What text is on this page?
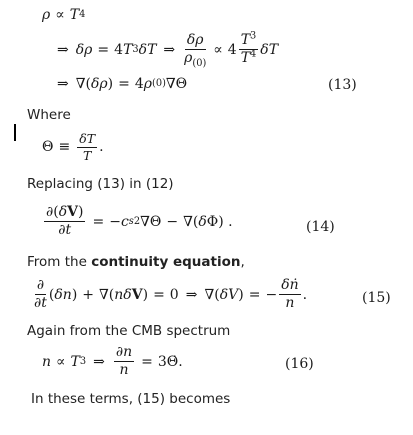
ρ ∝ T 4
⇒ δρ = 4 T 3 δT ⇒ $\frac{\delta\rho}{\rho_{(0)}} \propto 4 \frac{T^3}{T^4}$ δT
⇒ ∇( δρ ) = 4 ρ (0) ∇Θ	(13)
Where
$\Theta \equiv \frac{\delta T}{T}$ .
Replacing (13) in (12)
$\frac{\partial(\delta V)}{\partial t}$ = − c s 2 ∇Θ − ∇( δ Φ) .	(14)
From the continuity equation,
$\frac{\partial}{\partial t}$ ( δn ) + ∇( nδ V ) = 0 ⇒ ∇( δV ) = − $\frac{\text{δṅ}}{n}$ .	(15)
Again from the CMB spectrum
n ∝ T 3 ⇒ $\frac{\partial n}{n}$ = 3Θ̇.	(16)
In these terms, (15) becomes
